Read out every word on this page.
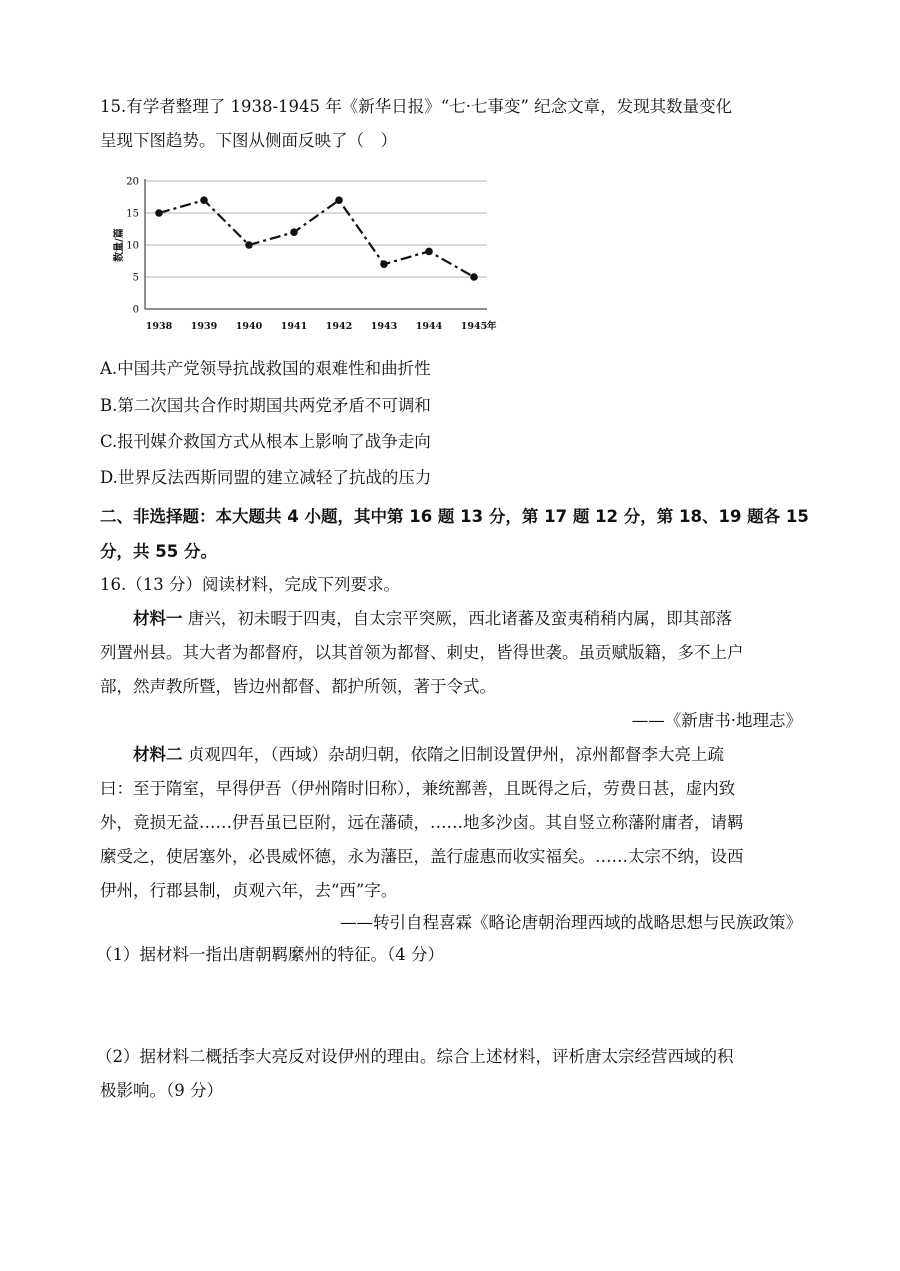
15.有学者整理了 1938-1945 年《新华日报》“七·七事变” 纪念文章，发现其数量变化
呈现下图趋势。下图从侧面反映了（　）
0
5
10
15
20
数量/篇
1938 1939 1940 1941 1942 1943 1944 1945 年
A.中国共产党领导抗战救国的艰难性和曲折性
B.第二次国共合作时期国共两党矛盾不可调和
C.报刊媒介救国方式从根本上影响了战争走向
D.世界反法西斯同盟的建立减轻了抗战的压力
二、非选择题：本大题共 4 小题，其中第 16 题 13 分，第 17 题 12 分，第 18、19 题各 15
分，共 55 分。
16.（13 分）阅读材料，完成下列要求。
材料一 唐兴，初未暇于四夷，自太宗平突厥，西北诸蕃及蛮夷稍稍内属，即其部落
列置州县。其大者为都督府，以其首领为都督、刺史，皆得世袭。虽贡赋版籍，多不上户
部，然声教所暨，皆边州都督、都护所领，著于令式。
——《新唐书·地理志》
材料二 贞观四年，（西域）杂胡归朝，依隋之旧制设置伊州，凉州都督李大亮上疏
曰：至于隋室，早得伊吾（伊州隋时旧称），兼统鄯善，且既得之后，劳费日甚，虚内致
外，竟损无益……伊吾虽已臣附，远在藩碛，……地多沙卤。其自竖立称藩附庸者，请羁
縻受之，使居塞外，必畏威怀德，永为藩臣，盖行虚惠而收实福矣。……太宗不纳，设西
伊州，行郡县制，贞观六年，去“西”字。
——转引自程喜霖《略论唐朝治理西域的战略思想与民族政策》
（1）据材料一指出唐朝羁縻州的特征。（4 分）
（2）据材料二概括李大亮反对设伊州的理由。综合上述材料，评析唐太宗经营西域的积
极影响。（9 分）
